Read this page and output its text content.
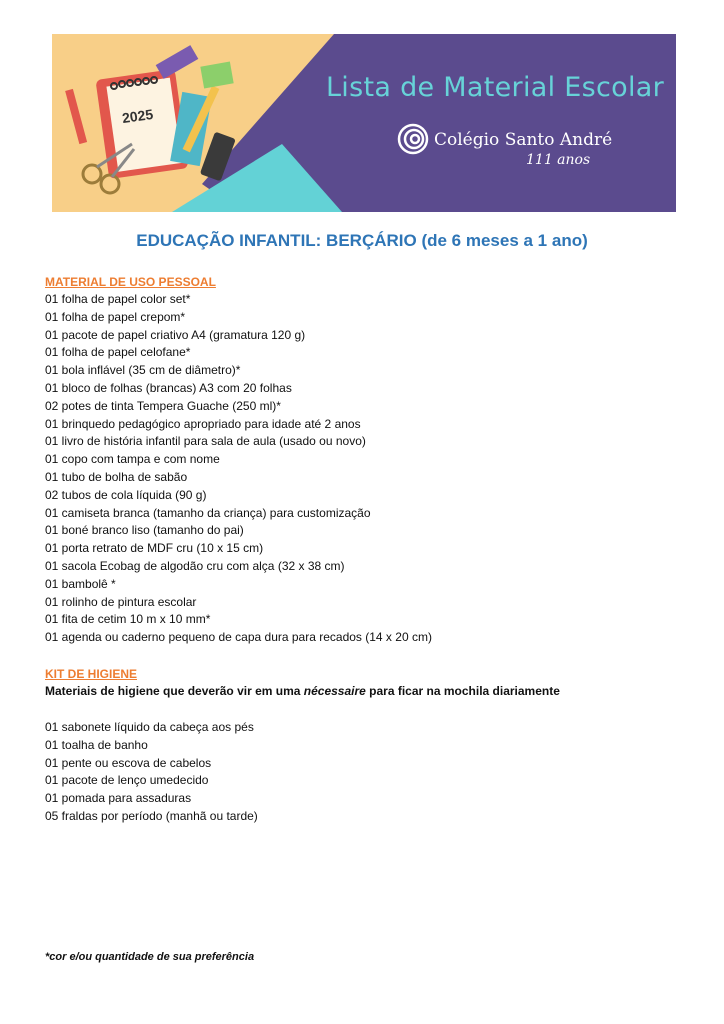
2025
Lista de Material Escolar
Colégio Santo André
111 anos
EDUCAÇÃO INFANTIL: BERÇÁRIO (de 6 meses a 1 ano)
MATERIAL DE USO PESSOAL
01 folha de papel color set*
01 folha de papel crepom*
01 pacote de papel criativo A4 (gramatura 120 g)
01 folha de papel celofane*
01 bola inflável (35 cm de diâmetro)*
01 bloco de folhas (brancas) A3 com 20 folhas
02 potes de tinta Tempera Guache (250 ml)*
01 brinquedo pedagógico apropriado para idade até 2 anos
01 livro de história infantil para sala de aula (usado ou novo)
01 copo com tampa e com nome
01 tubo de bolha de sabão
02 tubos de cola líquida (90 g)
01 camiseta branca (tamanho da criança) para customização
01 boné branco liso (tamanho do pai)
01 porta retrato de MDF cru (10 x 15 cm)
01 sacola Ecobag de algodão cru com alça (32 x 38 cm)
01 bambolê *
01 rolinho de pintura escolar
01 fita de cetim 10 m x 10 mm*
01 agenda ou caderno pequeno de capa dura para recados (14 x 20 cm)
KIT DE HIGIENE
Materiais de higiene que deverão vir em uma nécessaire para ficar na mochila diariamente
01 sabonete líquido da cabeça aos pés
01 toalha de banho
01 pente ou escova de cabelos
01 pacote de lenço umedecido
01 pomada para assaduras
05 fraldas por período (manhã ou tarde)
*cor e/ou quantidade de sua preferência
